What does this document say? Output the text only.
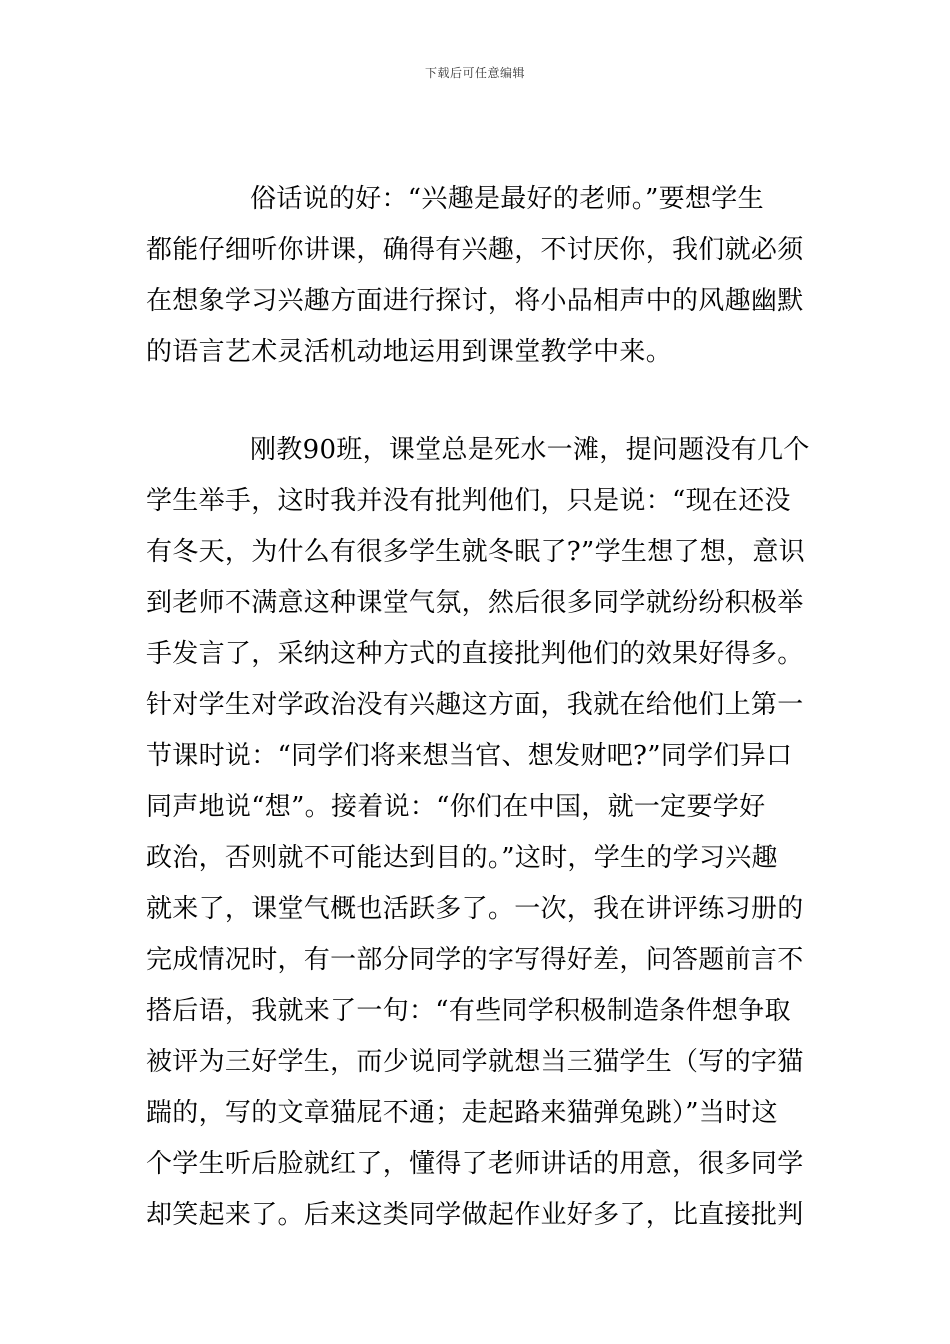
下载后可任意编辑
俗话说的好：“兴趣是最好的老师。”要想学生
都能仔细听你讲课，确得有兴趣，不讨厌你，我们就必须
在想象学习兴趣方面进行探讨，将小品相声中的风趣幽默
的语言艺术灵活机动地运用到课堂教学中来。
刚教90班，课堂总是死水一滩，提问题没有几个
学生举手，这时我并没有批判他们，只是说：“现在还没
有冬天，为什么有很多学生就冬眠了?”学生想了想，意识
到老师不满意这种课堂气氛，然后很多同学就纷纷积极举
手发言了，采纳这种方式的直接批判他们的效果好得多。
针对学生对学政治没有兴趣这方面，我就在给他们上第一
节课时说：“同学们将来想当官、想发财吧?”同学们异口
同声地说“想”。接着说：“你们在中国，就一定要学好
政治，否则就不可能达到目的。”这时，学生的学习兴趣
就来了，课堂气概也活跃多了。一次，我在讲评练习册的
完成情况时，有一部分同学的字写得好差，问答题前言不
搭后语，我就来了一句：“有些同学积极制造条件想争取
被评为三好学生，而少说同学就想当三猫学生（写的字猫
踹的，写的文章猫屁不通；走起路来猫弹兔跳）”当时这
个学生听后脸就红了，懂得了老师讲话的用意，很多同学
却笑起来了。后来这类同学做起作业好多了，比直接批判
